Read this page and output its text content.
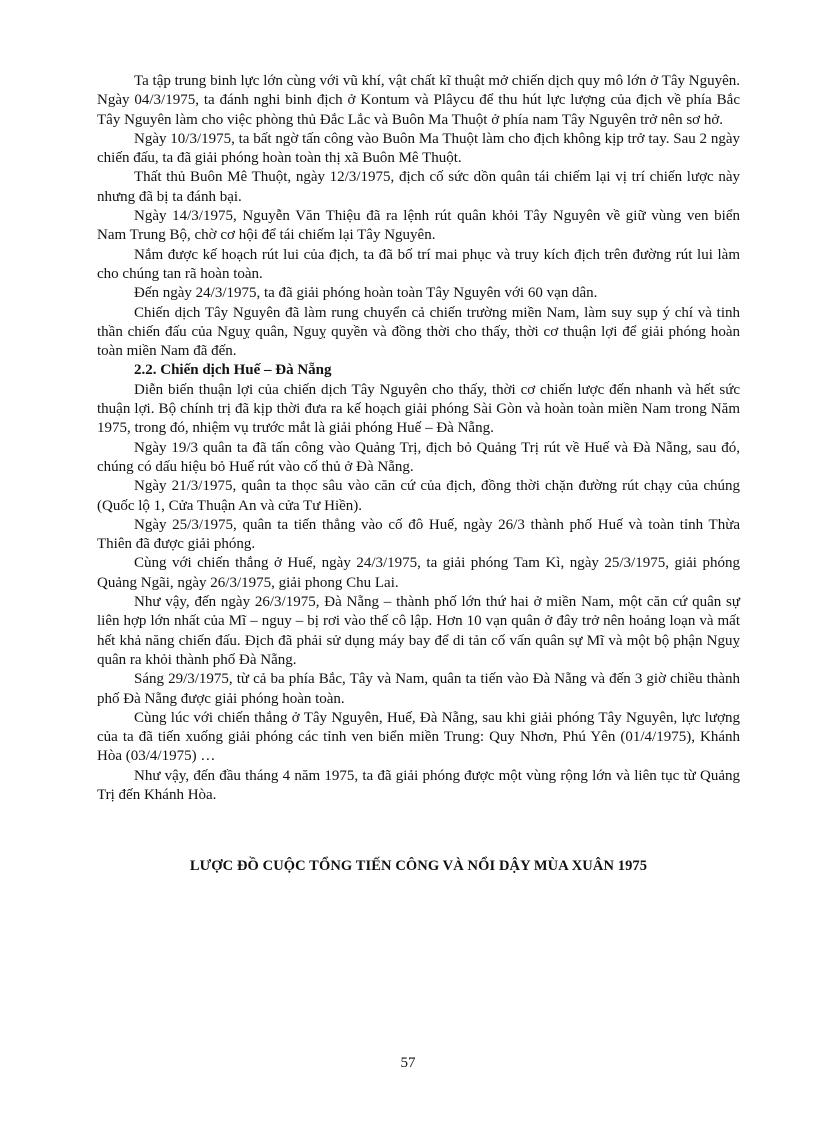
Ta tập trung binh lực lớn cùng với vũ khí, vật chất kĩ thuật mở chiến dịch quy mô lớn ở Tây Nguyên. Ngày 04/3/1975, ta đánh nghi binh địch ở Kontum và Plâycu để thu hút lực lượng của địch về phía Bắc Tây Nguyên làm cho việc phòng thủ Đắc Lắc và Buôn Ma Thuột ở phía nam Tây Nguyên trở nên sơ hở.

Ngày 10/3/1975, ta bất ngờ tấn công vào Buôn Ma Thuột làm cho địch không kịp trở tay. Sau 2 ngày chiến đấu, ta đã giải phóng hoàn toàn thị xã Buôn Mê Thuột.

Thất thủ Buôn Mê Thuột, ngày 12/3/1975, địch cố sức dồn quân tái chiếm lại vị trí chiến lược này nhưng đã bị ta đánh bại.

Ngày 14/3/1975, Nguyễn Văn Thiệu đã ra lệnh rút quân khỏi Tây Nguyên về giữ vùng ven biển Nam Trung Bộ, chờ cơ hội để tái chiếm lại Tây Nguyên.

Nắm được kế hoạch rút lui của địch, ta đã bố trí mai phục và truy kích địch trên đường rút lui làm cho chúng tan rã hoàn toàn.

Đến ngày 24/3/1975, ta đã giải phóng hoàn toàn Tây Nguyên với 60 vạn dân.

Chiến dịch Tây Nguyên đã làm rung chuyển cả chiến trường miền Nam, làm suy sụp ý chí và tinh thần chiến đấu của Nguỵ quân, Nguỵ quyền và đồng thời cho thấy, thời cơ thuận lợi để giải phóng hoàn toàn miền Nam đã đến.

2.2. Chiến dịch Huế – Đà Nẵng

Diễn biến thuận lợi của chiến dịch Tây Nguyên cho thấy, thời cơ chiến lược đến nhanh và hết sức thuận lợi. Bộ chính trị đã kịp thời đưa ra kế hoạch giải phóng Sài Gòn và hoàn toàn miền Nam trong Năm 1975, trong đó, nhiệm vụ trước mắt là giải phóng Huế – Đà Nẵng.

Ngày 19/3 quân ta đã tấn công vào Quảng Trị, địch bỏ Quảng Trị rút về Huế và Đà Nẵng, sau đó, chúng có dấu hiệu bỏ Huế rút vào cố thủ ở Đà Nẵng.

Ngày 21/3/1975, quân ta thọc sâu vào căn cứ của địch, đồng thời chặn đường rút chạy của chúng (Quốc lộ 1, Cửa Thuận An và cửa Tư Hiền).

Ngày 25/3/1975, quân ta tiến thẳng vào cố đô Huế, ngày 26/3 thành phố Huế và toàn tỉnh Thừa Thiên đã được giải phóng.

Cùng với chiến thắng ở Huế, ngày 24/3/1975, ta giải phóng Tam Kì, ngày 25/3/1975, giải phóng Quảng Ngãi, ngày 26/3/1975, giải phong Chu Lai.

Như vậy, đến ngày 26/3/1975, Đà Nẵng – thành phố lớn thứ hai ở miền Nam, một căn cứ quân sự liên hợp lớn nhất của Mĩ – nguy – bị rơi vào thế cô lập. Hơn 10 vạn quân ở đây trở nên hoảng loạn và mất hết khả năng chiến đấu. Địch đã phải sử dụng máy bay để di tản cố vấn quân sự Mĩ và một bộ phận Nguỵ quân ra khỏi thành phố Đà Nẵng.

Sáng 29/3/1975, từ cả ba phía Bắc, Tây và Nam, quân ta tiến vào Đà Nẵng và đến 3 giờ chiều thành phố Đà Nẵng được giải phóng hoàn toàn.

Cùng lúc với chiến thắng ở Tây Nguyên, Huế, Đà Nẵng, sau khi giải phóng Tây Nguyên, lực lượng của ta đã tiến xuống giải phóng các tỉnh ven biển miền Trung: Quy Nhơn, Phú Yên (01/4/1975), Khánh Hòa (03/4/1975) …

Như vậy, đến đầu tháng 4 năm 1975, ta đã giải phóng được một vùng rộng lớn và liên tục từ Quảng Trị đến Khánh Hòa.

LƯỢC ĐỒ CUỘC TỔNG TIẾN CÔNG VÀ NỔI DẬY MÙA XUÂN 1975
57
